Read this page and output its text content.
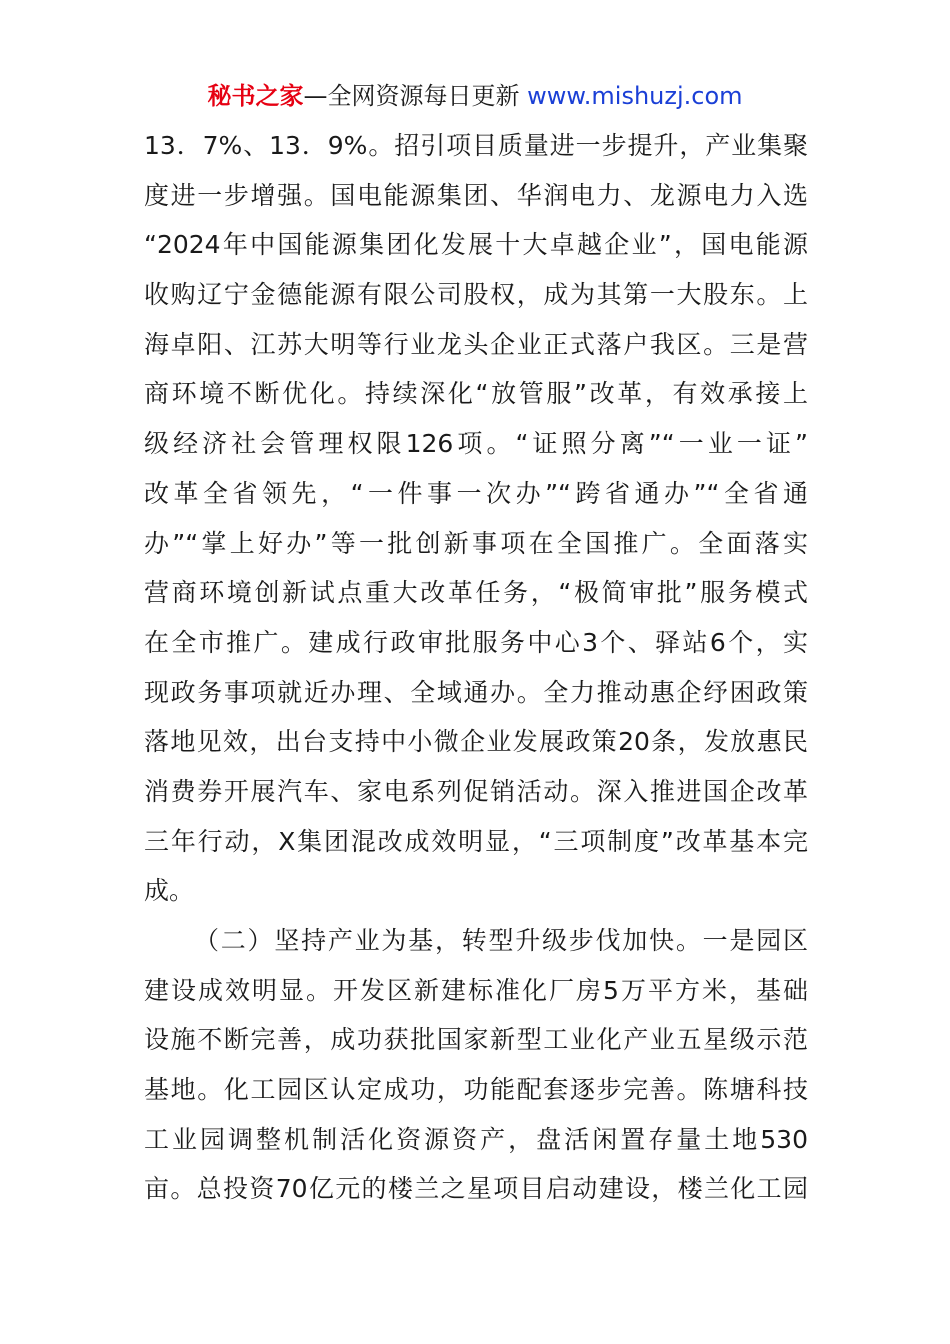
秘书之家—全网资源每日更新 www.mishuzj.com
13．7%、13．9%。招引项目质量进一步提升，产业集聚
度进一步增强。国电能源集团、华润电力、龙源电力入选
“2024年中国能源集团化发展十大卓越企业”，国电能源
收购辽宁金德能源有限公司股权，成为其第一大股东。上
海卓阳、江苏大明等行业龙头企业正式落户我区。三是营
商环境不断优化。持续深化“放管服”改革，有效承接上
级经济社会管理权限126项。“证照分离”“一业一证”
改革全省领先，“一件事一次办”“跨省通办”“全省通
办”“掌上好办”等一批创新事项在全国推广。全面落实
营商环境创新试点重大改革任务，“极简审批”服务模式
在全市推广。建成行政审批服务中心3个、驿站6个，实
现政务事项就近办理、全域通办。全力推动惠企纾困政策
落地见效，出台支持中小微企业发展政策20条，发放惠民
消费券开展汽车、家电系列促销活动。深入推进国企改革
三年行动，X集团混改成效明显，“三项制度”改革基本完
成。
（二）坚持产业为基，转型升级步伐加快。一是园区
建设成效明显。开发区新建标准化厂房5万平方米，基础
设施不断完善，成功获批国家新型工业化产业五星级示范
基地。化工园区认定成功，功能配套逐步完善。陈塘科技
工业园调整机制活化资源资产，盘活闲置存量土地530
亩。总投资70亿元的楼兰之星项目启动建设，楼兰化工园
